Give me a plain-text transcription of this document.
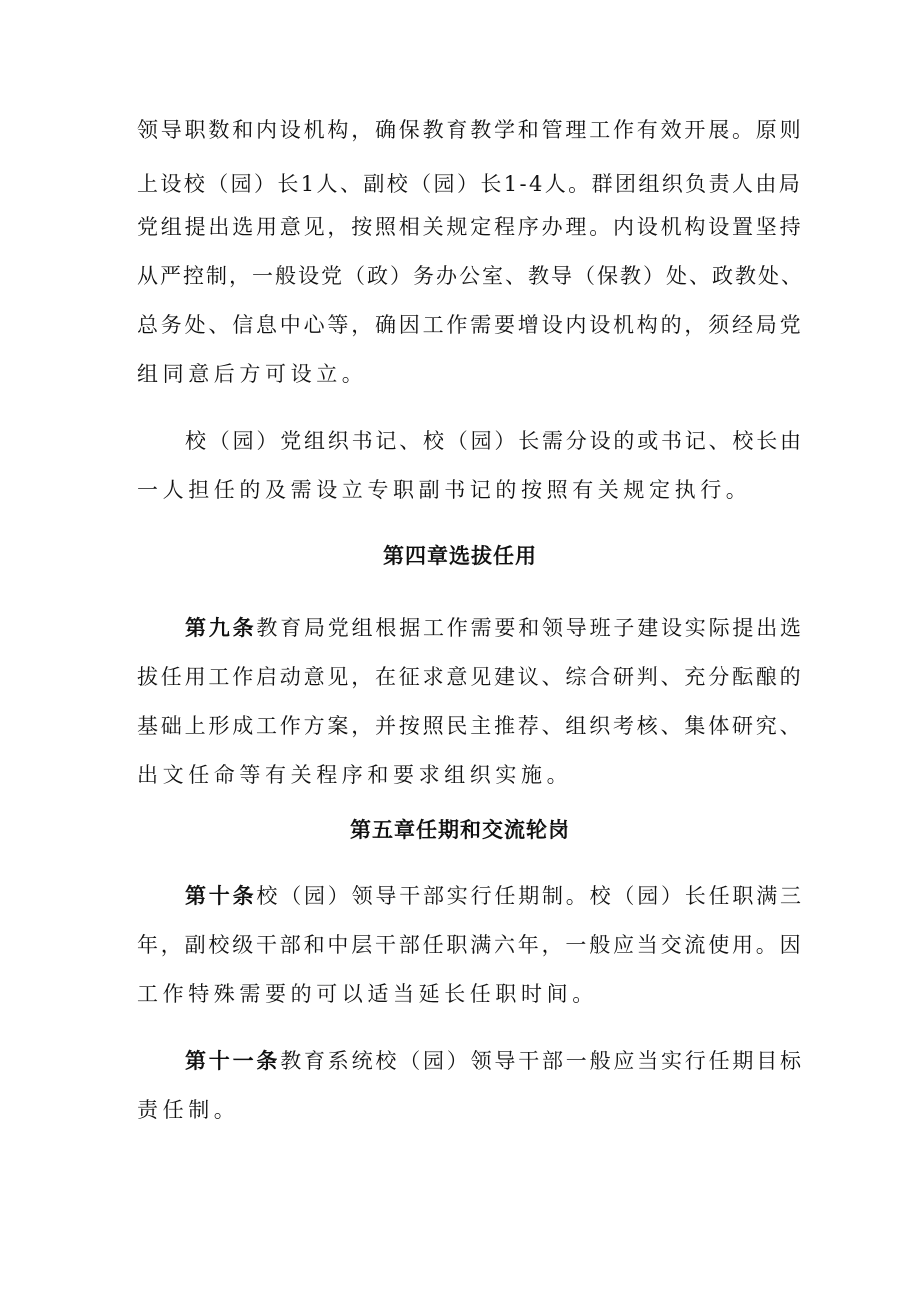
领导职数和内设机构，确保教育教学和管理工作有效开展。原则
上设校（园）长1人、副校（园）长1-4人。群团组织负责人由局
党组提出选用意见，按照相关规定程序办理。内设机构设置坚持
从严控制，一般设党（政）务办公室、教导（保教）处、政教处、
总务处、信息中心等，确因工作需要增设内设机构的，须经局党
组同意后方可设立。
校（园）党组织书记、校（园）长需分设的或书记、校长由
一人担任的及需设立专职副书记的按照有关规定执行。
第四章选拔任用
第九条教育局党组根据工作需要和领导班子建设实际提出选
拔任用工作启动意见，在征求意见建议、综合研判、充分酝酿的
基础上形成工作方案，并按照民主推荐、组织考核、集体研究、
出文任命等有关程序和要求组织实施。
第五章任期和交流轮岗
第十条校（园）领导干部实行任期制。校（园）长任职满三
年，副校级干部和中层干部任职满六年，一般应当交流使用。因
工作特殊需要的可以适当延长任职时间。
第十一条教育系统校（园）领导干部一般应当实行任期目标
责任制。
